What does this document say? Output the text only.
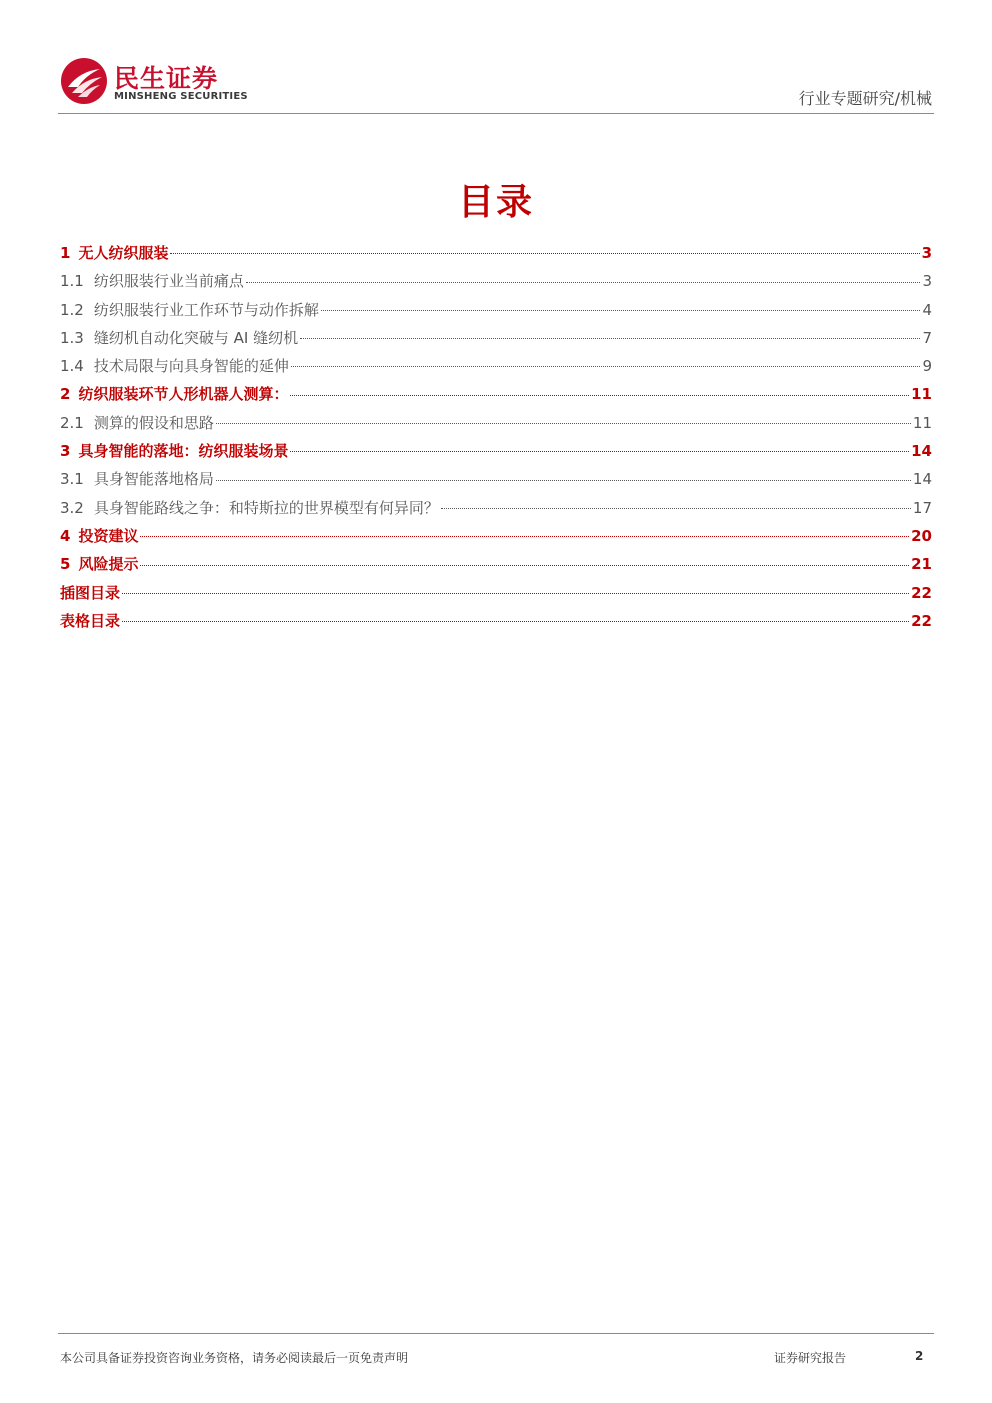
民生证券
MINSHENG SECURITIES	行业专题研究/机械
目录
1 无人纺织服装	3
1.1 纺织服装行业当前痛点	3
1.2 纺织服装行业工作环节与动作拆解	4
1.3 缝纫机自动化突破与 AI 缝纫机	7
1.4 技术局限与向具身智能的延伸	9
2 纺织服装环节人形机器人测算：	11
2.1 测算的假设和思路	11
3 具身智能的落地：纺织服装场景	14
3.1 具身智能落地格局	14
3.2 具身智能路线之争：和特斯拉的世界模型有何异同？	17
4 投资建议	20
5 风险提示	21
插图目录	22
表格目录	22
本公司具备证券投资咨询业务资格，请务必阅读最后一页免责声明	证券研究报告	2
